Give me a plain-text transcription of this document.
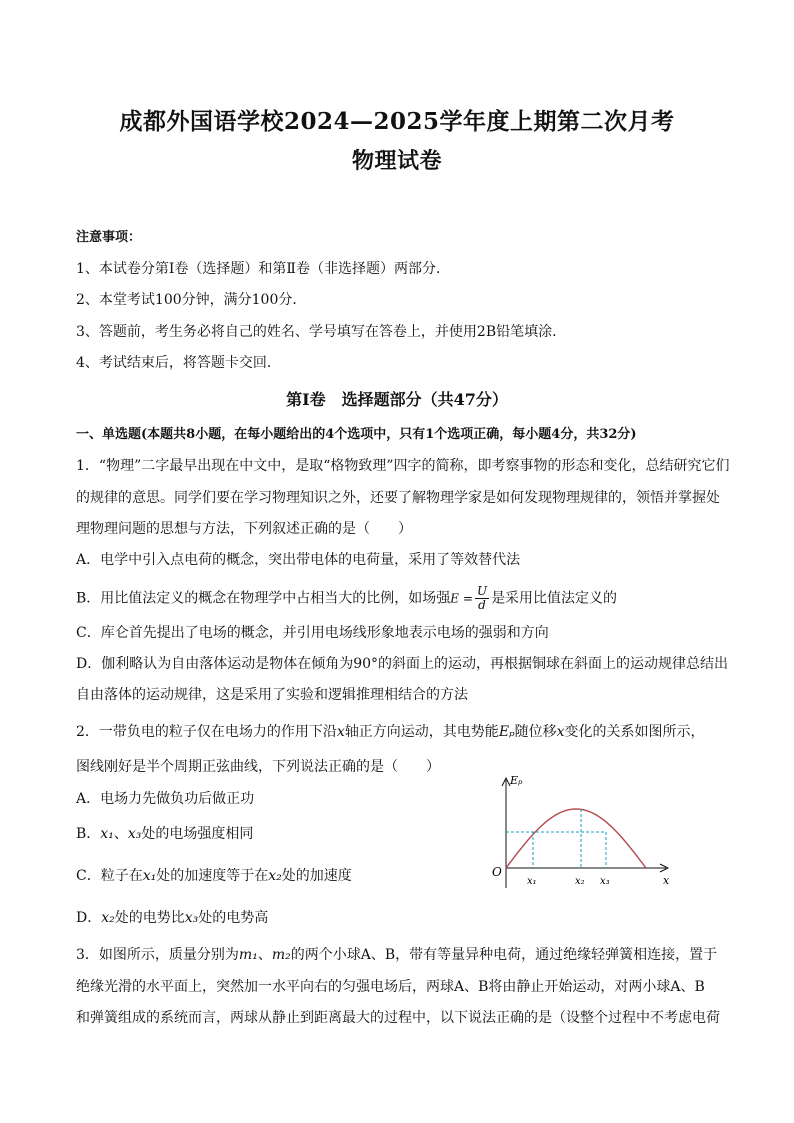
成都外国语学校2024—2025学年度上期第二次月考
物理试卷
注意事项：
1、本试卷分第Ⅰ卷（选择题）和第Ⅱ卷（非选择题）两部分．
2、本堂考试100分钟，满分100分．
3、答题前，考生务必将自己的姓名、学号填写在答卷上，并使用2B铅笔填涂．
4、考试结束后，将答题卡交回．
第Ⅰ卷　选择题部分（共47分）
一、单选题(本题共8小题，在每小题给出的4个选项中，只有1个选项正确，每小题4分，共32分)
1．“物理”二字最早出现在中文中，是取“格物致理”四字的简称，即考察事物的形态和变化，总结研究它们
的规律的意思。同学们要在学习物理知识之外，还要了解物理学家是如何发现物理规律的，领悟并掌握处
理物理问题的思想与方法，下列叙述正确的是（　　）
A．电学中引入点电荷的概念，突出带电体的电荷量，采用了等效替代法
B．用比值法定义的概念在物理学中占相当大的比例，如场强$E = \frac{U}{d}$ 是采用比值法定义的
C．库仑首先提出了电场的概念，并引用电场线形象地表示电场的强弱和方向
D．伽利略认为自由落体运动是物体在倾角为90°的斜面上的运动，再根据铜球在斜面上的运动规律总结出
自由落体的运动规律，这是采用了实验和逻辑推理相结合的方法
2．一带负电的粒子仅在电场力的作用下沿x轴正方向运动，其电势能Eₚ随位移x变化的关系如图所示，
图线刚好是半个周期正弦曲线，下列说法正确的是（　　）
A．电场力先做负功后做正功
B．x₁、x₃处的电场强度相同
C．粒子在x₁处的加速度等于在x₂处的加速度
D．x₂处的电势比x₃处的电势高
Eₚ
x
O
x₁	x₂ x₃
3．如图所示，质量分别为m₁、m₂的两个小球A、B，带有等量异种电荷，通过绝缘轻弹簧相连接，置于
绝缘光滑的水平面上，突然加一水平向右的匀强电场后，两球A、B将由静止开始运动，对两小球A、B
和弹簧组成的系统而言，两球从静止到距离最大的过程中，以下说法正确的是（设整个过程中不考虑电荷
